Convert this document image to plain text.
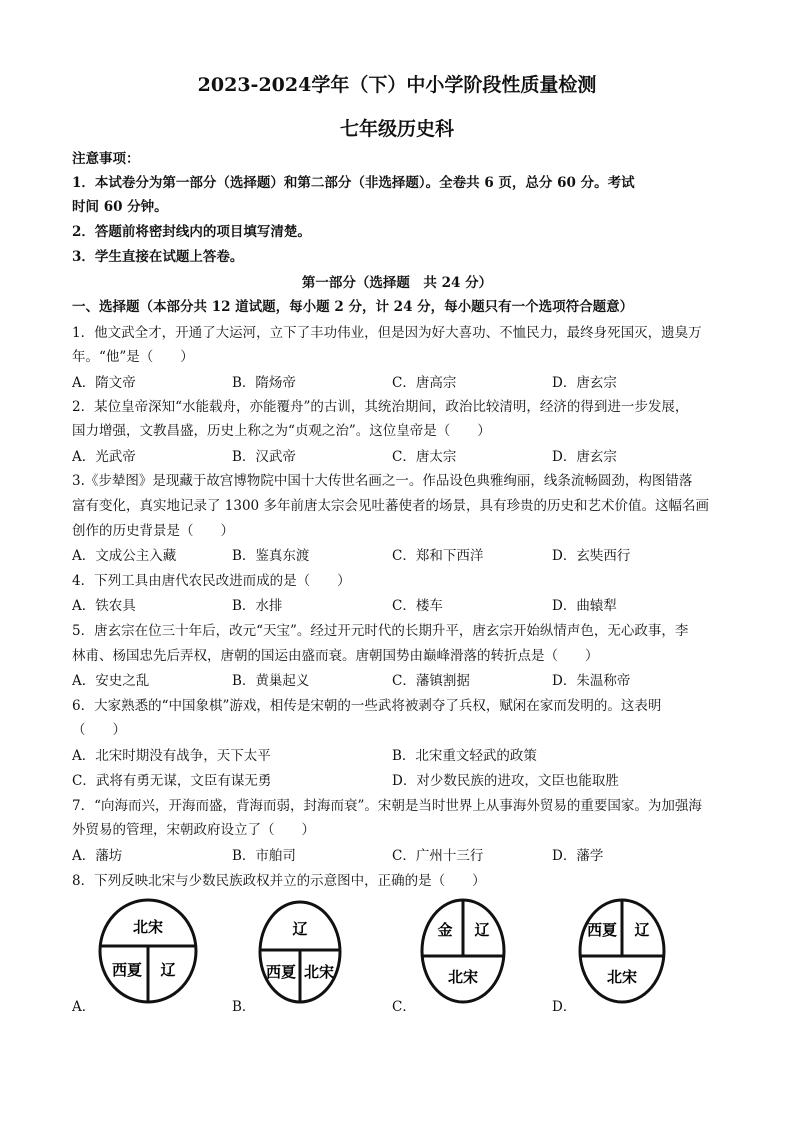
2023-2024学年（下）中小学阶段性质量检测
七年级历史科
注意事项：
1．本试卷分为第一部分（选择题）和第二部分（非选择题）。全卷共 6 页，总分 60 分。考试
时间 60 分钟。
2．答题前将密封线内的项目填写清楚。
3．学生直接在试题上答卷。
第一部分（选择题　共 24 分）
一、选择题（本部分共 12 道试题，每小题 2 分，计 24 分，每小题只有一个选项符合题意）
1．他文武全才，开通了大运河，立下了丰功伟业，但是因为好大喜功、不恤民力，最终身死国灭，遗臭万
年。“他”是（　　）
A．隋文帝	B．隋炀帝	C．唐高宗	D．唐玄宗
2．某位皇帝深知“水能载舟，亦能覆舟”的古训，其统治期间，政治比较清明，经济的得到进一步发展，
国力增强，文教昌盛，历史上称之为“贞观之治”。这位皇帝是（　　）
A．光武帝	B．汉武帝	C．唐太宗	D．唐玄宗
3.《步辇图》是现藏于故宫博物院中国十大传世名画之一。作品设色典雅绚丽，线条流畅圆劲，构图错落
富有变化，真实地记录了 1300 多年前唐太宗会见吐蕃使者的场景，具有珍贵的历史和艺术价值。这幅名画
创作的历史背景是（　　）
A．文成公主入藏	B．鉴真东渡	C．郑和下西洋	D．玄奘西行
4．下列工具由唐代农民改进而成的是（　　）
A．铁农具	B．水排	C．楼车	D．曲辕犁
5．唐玄宗在位三十年后，改元“天宝”。经过开元时代的长期升平，唐玄宗开始纵情声色，无心政事，李
林甫、杨国忠先后弄权，唐朝的国运由盛而衰。唐朝国势由巅峰滑落的转折点是（　　）
A．安史之乱	B．黄巢起义	C．藩镇割据	D．朱温称帝
6．大家熟悉的“中国象棋”游戏，相传是宋朝的一些武将被剥夺了兵权，赋闲在家而发明的。这表明
（　　）
A．北宋时期没有战争，天下太平	B．北宋重文轻武的政策
C．武将有勇无谋，文臣有谋无勇	D．对少数民族的进攻，文臣也能取胜
7．“向海而兴，开海而盛，背海而弱，封海而衰”。宋朝是当时世界上从事海外贸易的重要国家。为加强海
外贸易的管理，宋朝政府设立了（　　）
A．藩坊	B．市舶司	C．广州十三行	D．藩学
8．下列反映北宋与少数民族政权并立的示意图中，正确的是（　　）
北宋
西夏 辽
A．
辽
西夏 北宋
B．
金 辽
北宋
C．
西夏 辽
北宋
D．
